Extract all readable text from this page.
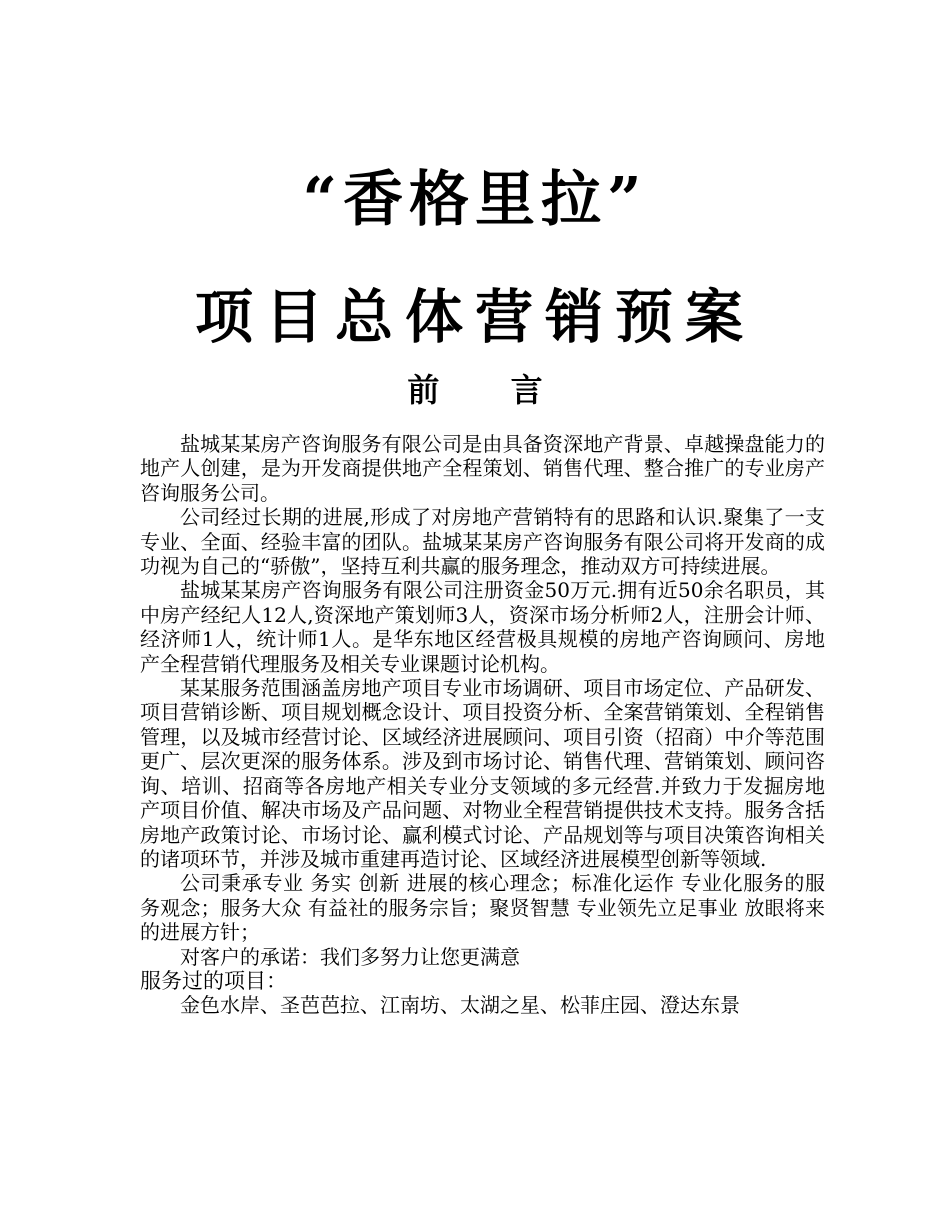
“香格里拉”
项目总体营销预案
前 言

盐城某某房产咨询服务有限公司是由具备资深地产背景、卓越操盘能力的地产人创建，是为开发商提供地产全程策划、销售代理、整合推广的专业房产咨询服务公司。

公司经过长期的进展,形成了对房地产营销特有的思路和认识.聚集了一支专业、全面、经验丰富的团队。盐城某某房产咨询服务有限公司将开发商的成功视为自己的“骄傲”，坚持互利共赢的服务理念，推动双方可持续进展。

盐城某某房产咨询服务有限公司注册资金50万元.拥有近50余名职员，其中房产经纪人12人,资深地产策划师3人，资深市场分析师2人，注册会计师、经济师1人，统计师1人。是华东地区经营极具规模的房地产咨询顾问、房地产全程营销代理服务及相关专业课题讨论机构。

某某服务范围涵盖房地产项目专业市场调研、项目市场定位、产品研发、项目营销诊断、项目规划概念设计、项目投资分析、全案营销策划、全程销售管理，以及城市经营讨论、区域经济进展顾问、项目引资（招商）中介等范围更广、层次更深的服务体系。涉及到市场讨论、销售代理、营销策划、顾问咨询、培训、招商等各房地产相关专业分支领域的多元经营.并致力于发掘房地产项目价值、解决市场及产品问题、对物业全程营销提供技术支持。服务含括房地产政策讨论、市场讨论、赢利模式讨论、产品规划等与项目决策咨询相关的诸项环节，并涉及城市重建再造讨论、区域经济进展模型创新等领域.

公司秉承专业 务实 创新 进展的核心理念；标准化运作 专业化服务的服务观念；服务大众 有益社的服务宗旨；聚贤智慧 专业领先立足事业 放眼将来的进展方针；

对客户的承诺：我们多努力让您更满意

服务过的项目：

金色水岸、圣芭芭拉、江南坊、太湖之星、松菲庄园、澄达东景
